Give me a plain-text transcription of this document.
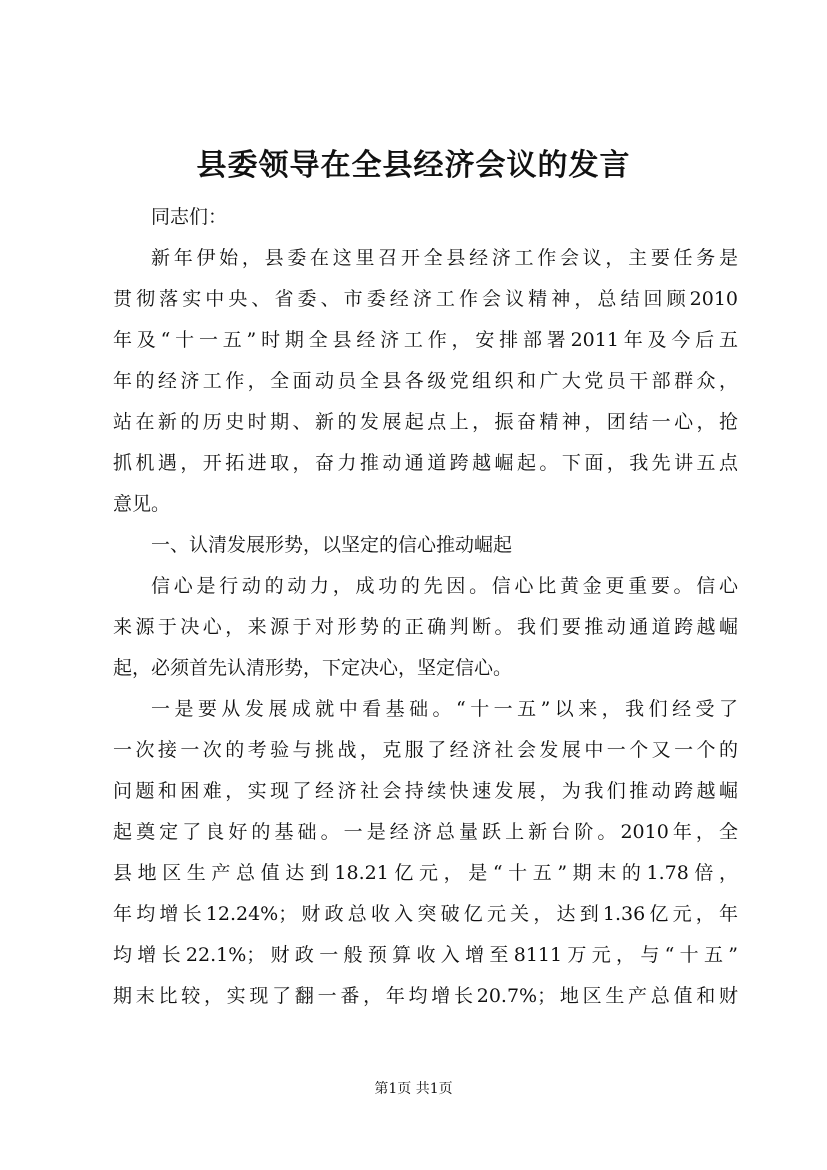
县委领导在全县经济会议的发言
同志们：
新年伊始，县委在这里召开全县经济工作会议，主要任务是
贯彻落实中央、省委、市委经济工作会议精神，总结回顾2010
年及“十一五”时期全县经济工作，安排部署2011年及今后五
年的经济工作，全面动员全县各级党组织和广大党员干部群众，
站在新的历史时期、新的发展起点上，振奋精神，团结一心，抢
抓机遇，开拓进取，奋力推动通道跨越崛起。下面，我先讲五点
意见。
一、认清发展形势，以坚定的信心推动崛起
信心是行动的动力，成功的先因。信心比黄金更重要。信心
来源于决心，来源于对形势的正确判断。我们要推动通道跨越崛
起，必须首先认清形势，下定决心，坚定信心。
一是要从发展成就中看基础。“十一五”以来，我们经受了
一次接一次的考验与挑战，克服了经济社会发展中一个又一个的
问题和困难，实现了经济社会持续快速发展，为我们推动跨越崛
起奠定了良好的基础。一是经济总量跃上新台阶。2010年，全
县地区生产总值达到18.21亿元，是“十五”期末的1.78倍，
年均增长12.24%；财政总收入突破亿元关，达到1.36亿元，年
均增长22.1%；财政一般预算收入增至8111万元，与“十五”
期末比较，实现了翻一番，年均增长20.7%；地区生产总值和财
第1页 共1页
